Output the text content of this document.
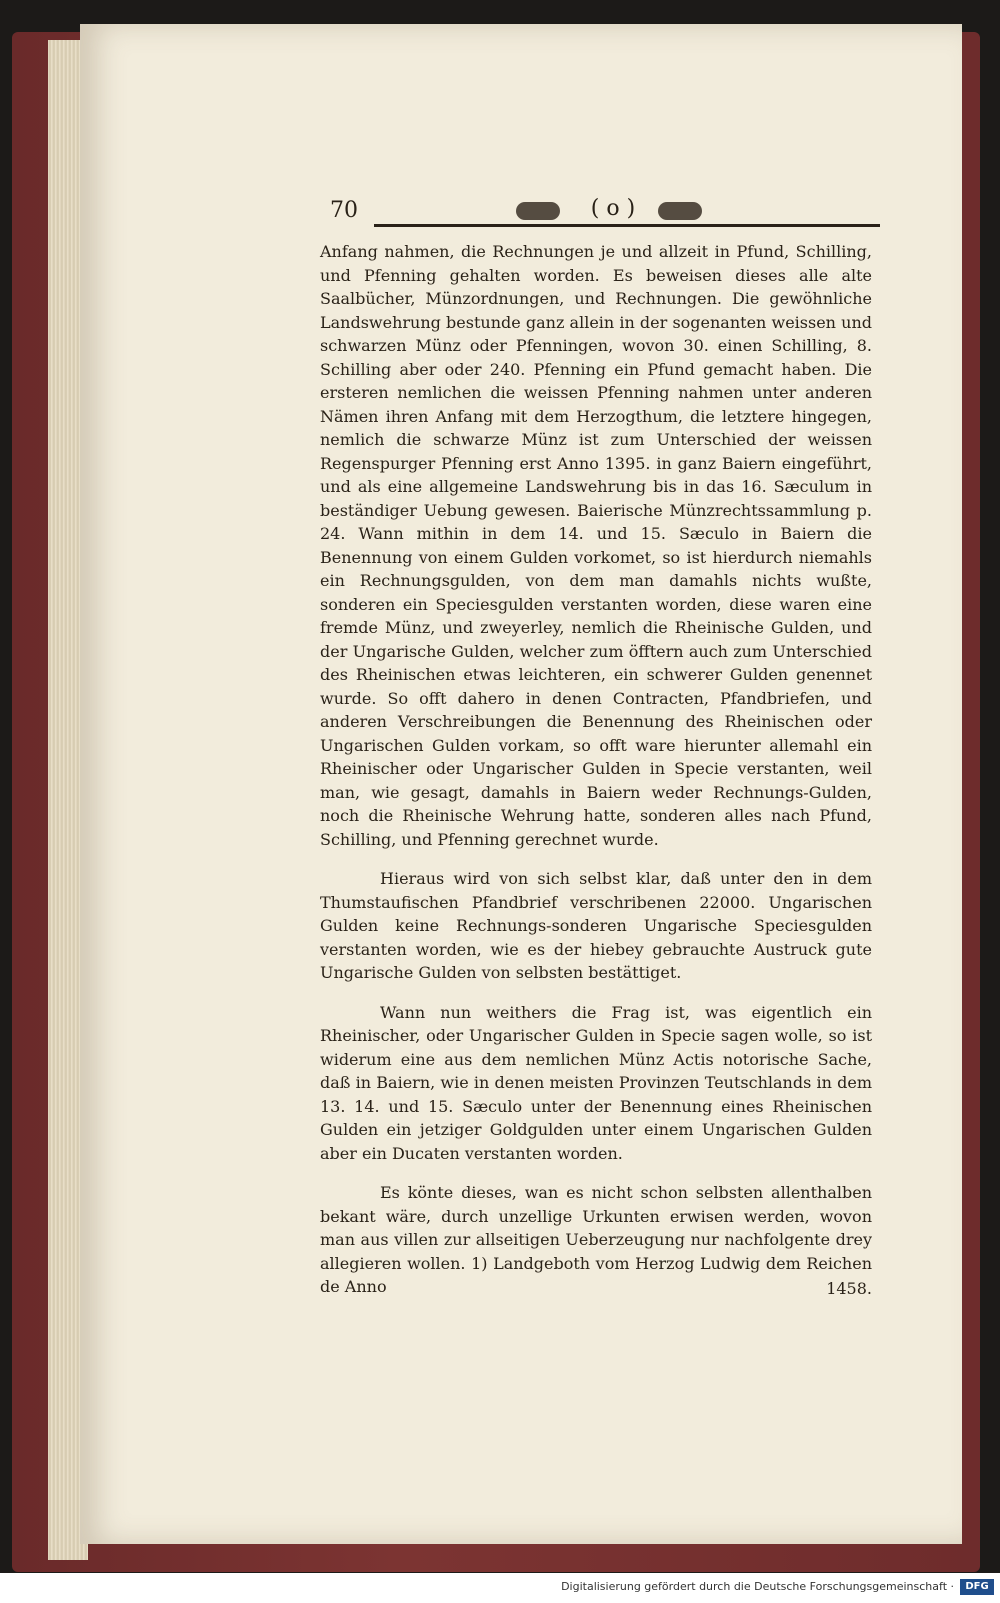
70	( o )

Anfang nahmen, die Rechnungen je und allzeit in Pfund, Schilling, und Pfenning gehalten worden. Es beweisen dieses alle alte Saalbücher, Münzordnungen, und Rechnungen. Die gewöhnliche Landswehrung bestunde ganz allein in der sogenanten weissen und schwarzen Münz oder Pfenningen, wovon 30. einen Schilling, 8. Schilling aber oder 240. Pfenning ein Pfund gemacht haben. Die ersteren nemlichen die weissen Pfenning nahmen unter anderen Nämen ihren Anfang mit dem Herzogthum, die letztere hingegen, nemlich die schwarze Münz ist zum Unterschied der weissen Regenspurger Pfenning erst Anno 1395. in ganz Baiern eingeführt, und als eine allgemeine Landswehrung bis in das 16. Sæculum in beständiger Uebung gewesen. Baierische Münzrechtssammlung p. 24. Wann mithin in dem 14. und 15. Sæculo in Baiern die Benennung von einem Gulden vorkomet, so ist hierdurch niemahls ein Rechnungsgulden, von dem man damahls nichts wußte, sonderen ein Speciesgulden verstanten worden, diese waren eine fremde Münz, und zweyerley, nemlich die Rheinische Gulden, und der Ungarische Gulden, welcher zum öfftern auch zum Unterschied des Rheinischen etwas leichteren, ein schwerer Gulden genennet wurde. So offt dahero in denen Contracten, Pfandbriefen, und anderen Verschreibungen die Benennung des Rheinischen oder Ungarischen Gulden vorkam, so offt ware hierunter allemahl ein Rheinischer oder Ungarischer Gulden in Specie verstanten, weil man, wie gesagt, damahls in Baiern weder Rechnungs-Gulden, noch die Rheinische Wehrung hatte, sonderen alles nach Pfund, Schilling, und Pfenning gerechnet wurde.

Hieraus wird von sich selbst klar, daß unter den in dem Thumstaufischen Pfandbrief verschribenen 22000. Ungarischen Gulden keine Rechnungs-sonderen Ungarische Speciesgulden verstanten worden, wie es der hiebey gebrauchte Austruck gute Ungarische Gulden von selbsten bestättiget.

Wann nun weithers die Frag ist, was eigentlich ein Rheinischer, oder Ungarischer Gulden in Specie sagen wolle, so ist widerum eine aus dem nemlichen Münz Actis notorische Sache, daß in Baiern, wie in denen meisten Provinzen Teutschlands in dem 13. 14. und 15. Sæculo unter der Benennung eines Rheinischen Gulden ein jetziger Goldgulden unter einem Ungarischen Gulden aber ein Ducaten verstanten worden.

Es könte dieses, wan es nicht schon selbsten allenthalben bekant wäre, durch unzellige Urkunten erwisen werden, wovon man aus villen zur allseitigen Ueberzeugung nur nachfolgente drey allegieren wollen. 1) Landgeboth vom Herzog Ludwig dem Reichen de Anno	1458.
Digitalisierung gefördert durch die Deutsche Forschungsgemeinschaft ·	DFG
